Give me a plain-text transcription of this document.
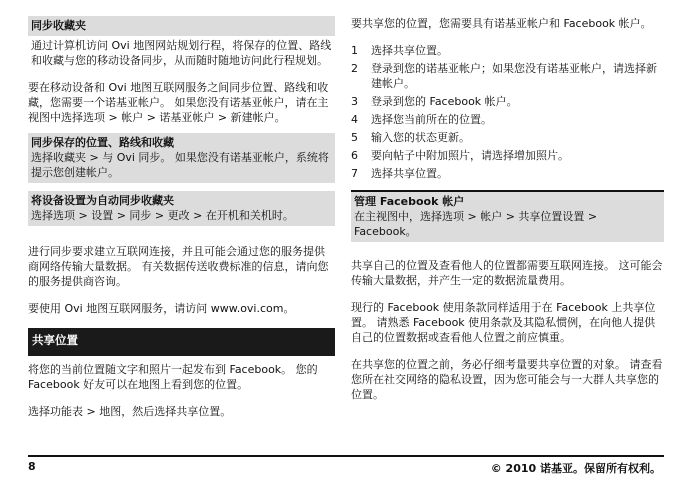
同步收藏夹

通过计算机访问 Ovi 地图网站规划行程，将保存的位置、路线和收藏与您的移动设备同步，从而随时随地访问此行程规划。

要在移动设备和 Ovi 地图互联网服务之间同步位置、路线和收藏，您需要一个诺基亚帐户。 如果您没有诺基亚帐户，请在主视图中选择选项 > 帐户 > 诺基亚帐户 > 新建帐户。

同步保存的位置、路线和收藏
选择收藏夹 > 与 Ovi 同步。 如果您没有诺基亚帐户，系统将提示您创建帐户。
将设备设置为自动同步收藏夹
选择选项 > 设置 > 同步 > 更改 > 在开机和关机时。

进行同步要求建立互联网连接，并且可能会通过您的服务提供商网络传输大量数据。 有关数据传送收费标准的信息，请向您的服务提供商咨询。

要使用 Ovi 地图互联网服务，请访问 www.ovi.com。

共享位置

将您的当前位置随文字和照片一起发布到 Facebook。 您的 Facebook 好友可以在地图上看到您的位置。

选择功能表 > 地图，然后选择共享位置。

要共享您的位置，您需要具有诺基亚帐户和 Facebook 帐户。

1 选择共享位置。
2 登录到您的诺基亚帐户；如果您没有诺基亚帐户，请选择新建帐户。
3 登录到您的 Facebook 帐户。
4 选择您当前所在的位置。
5 输入您的状态更新。
6 要向帖子中附加照片，请选择增加照片。
7 选择共享位置。
管理 Facebook 帐户
在主视图中，选择选项 > 帐户 > 共享位置设置 > Facebook。

共享自己的位置及查看他人的位置都需要互联网连接。 这可能会传输大量数据，并产生一定的数据流量费用。

现行的 Facebook 使用条款同样适用于在 Facebook 上共享位置。 请熟悉 Facebook 使用条款及其隐私惯例，在向他人提供自己的位置数据或查看他人位置之前应慎重。

在共享您的位置之前，务必仔细考量要共享位置的对象。 请查看您所在社交网络的隐私设置，因为您可能会与一大群人共享您的位置。

8	© 2010 诺基亚。保留所有权利。
